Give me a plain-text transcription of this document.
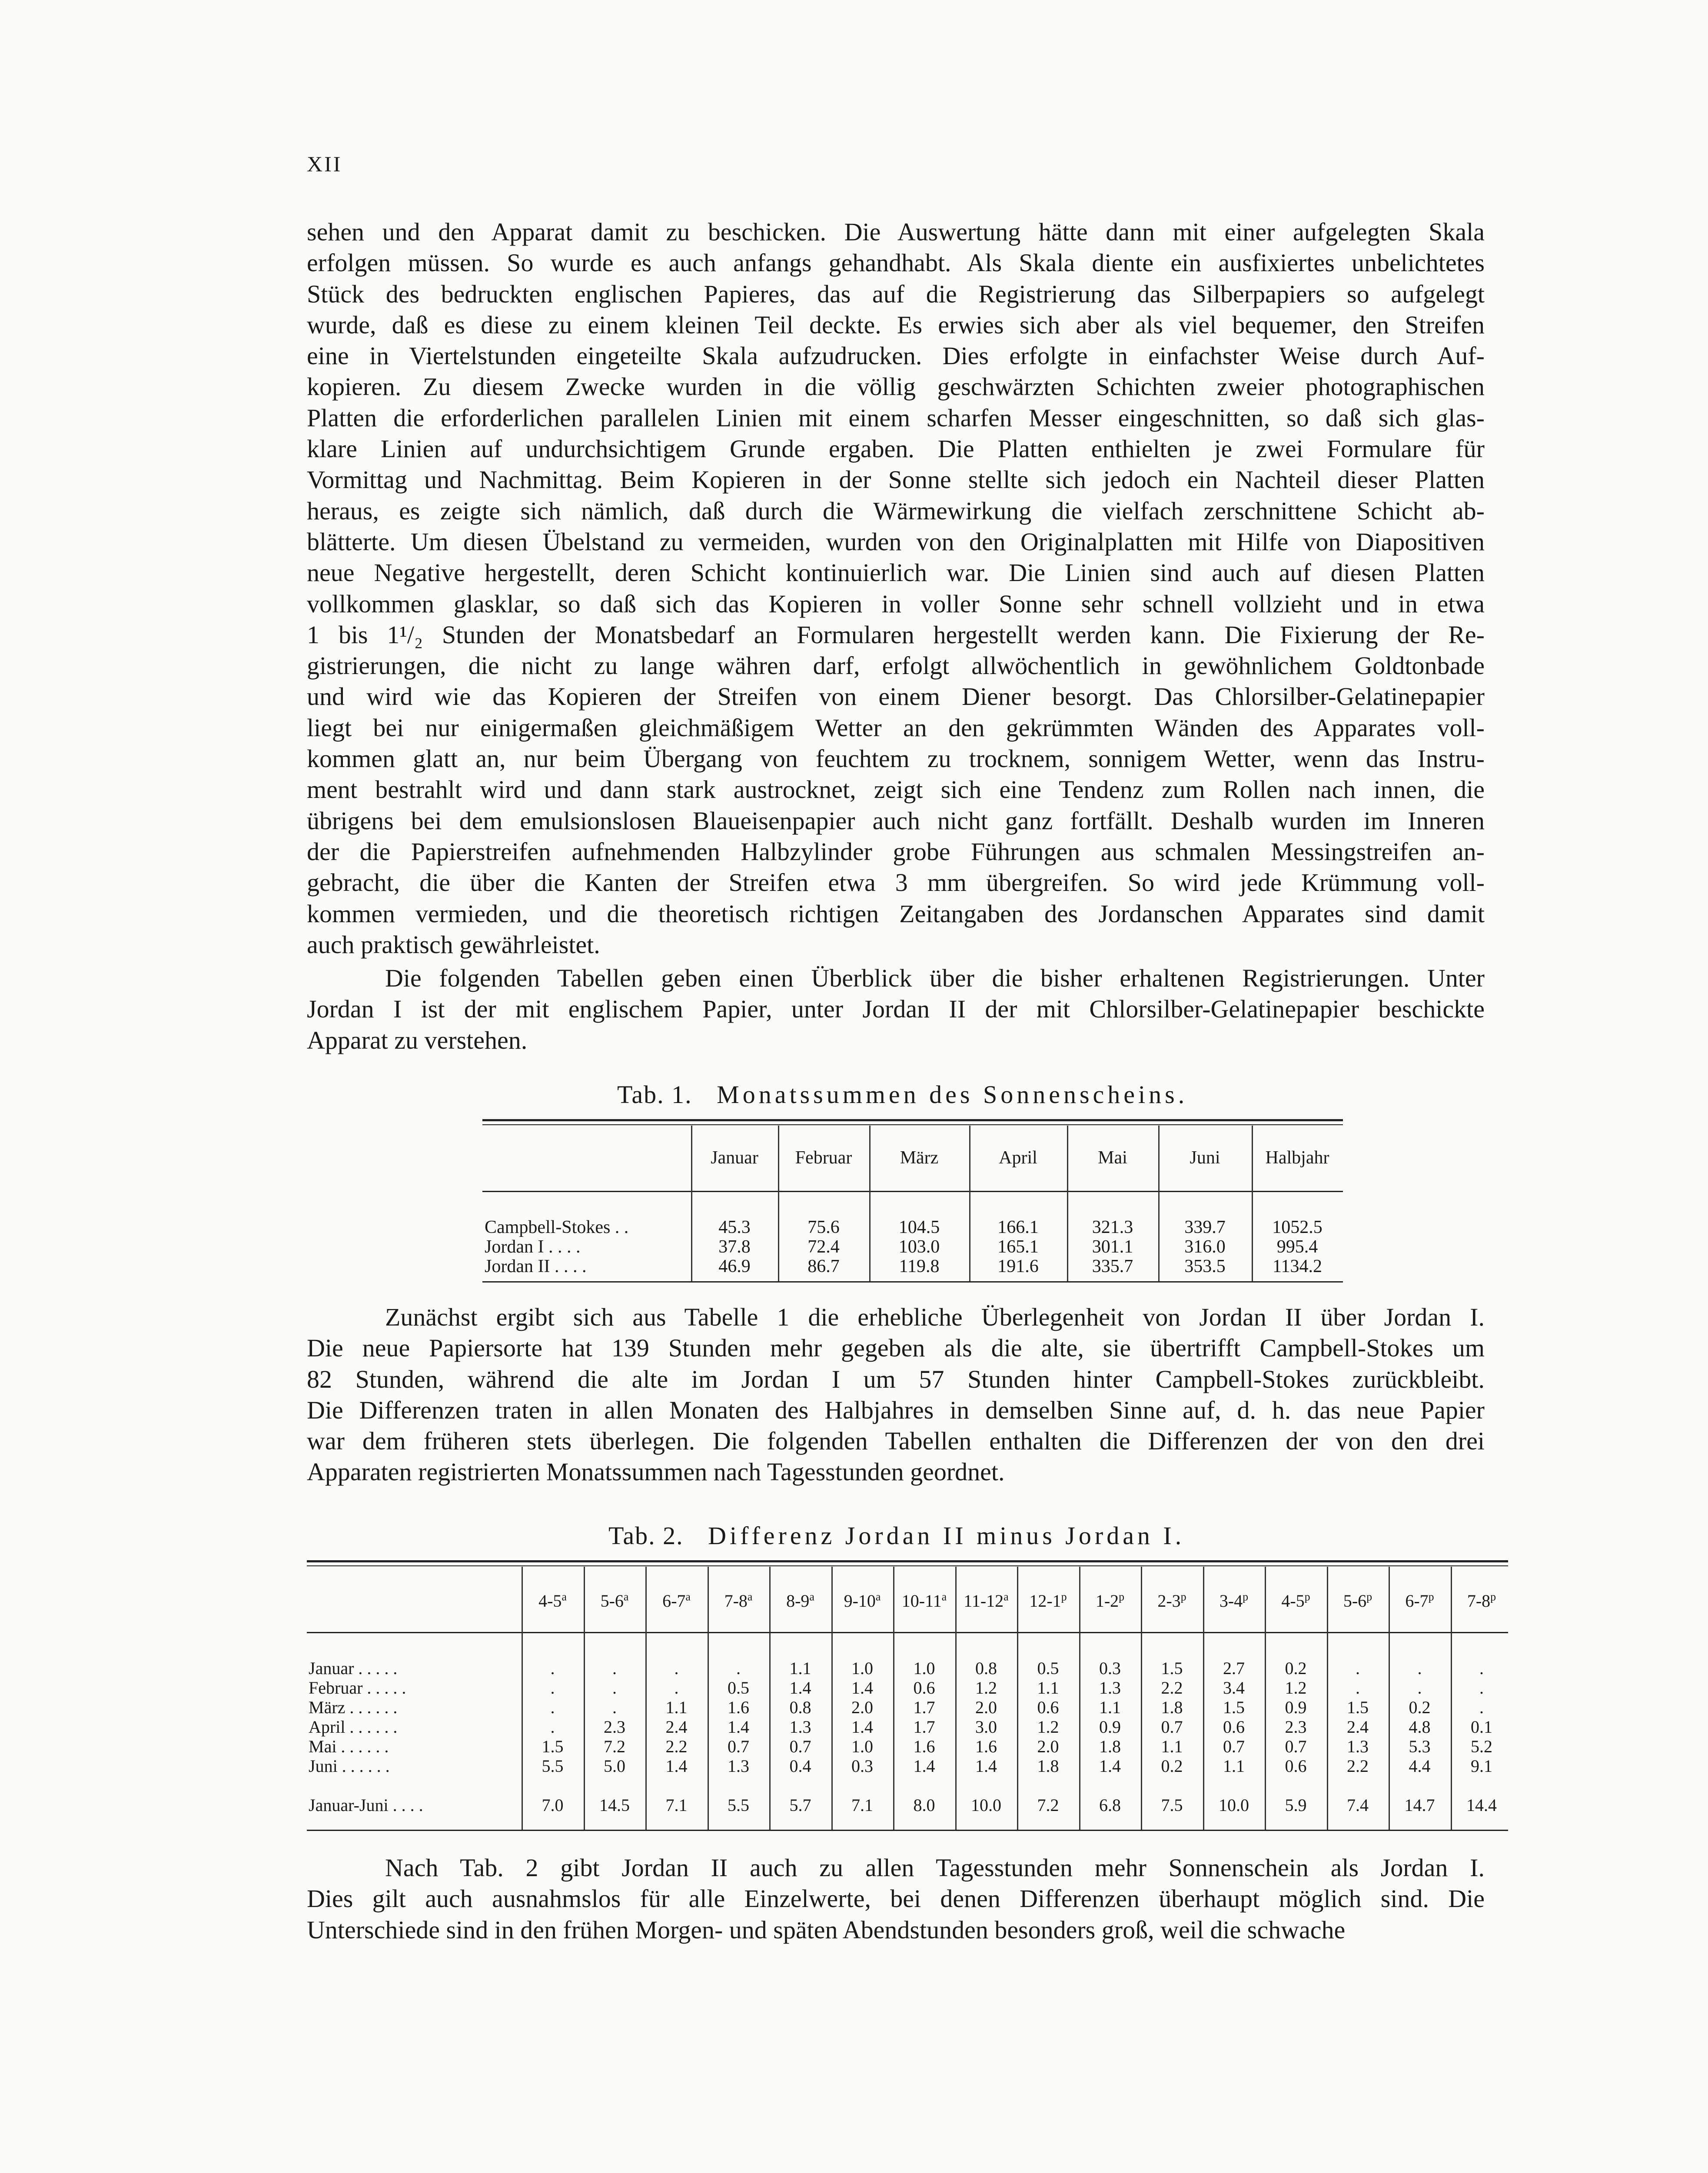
XII
sehen und den Apparat damit zu beschicken. Die Auswertung hätte dann mit einer aufgelegten Skala
erfolgen müssen. So wurde es auch anfangs gehandhabt. Als Skala diente ein ausfixiertes unbelichtetes
Stück des bedruckten englischen Papieres, das auf die Registrierung das Silberpapiers so aufgelegt
wurde, daß es diese zu einem kleinen Teil deckte. Es erwies sich aber als viel bequemer, den Streifen
eine in Viertelstunden eingeteilte Skala aufzudrucken. Dies erfolgte in einfachster Weise durch Auf-
kopieren. Zu diesem Zwecke wurden in die völlig geschwärzten Schichten zweier photographischen
Platten die erforderlichen parallelen Linien mit einem scharfen Messer eingeschnitten, so daß sich glas-
klare Linien auf undurchsichtigem Grunde ergaben. Die Platten enthielten je zwei Formulare für
Vormittag und Nachmittag. Beim Kopieren in der Sonne stellte sich jedoch ein Nachteil dieser Platten
heraus, es zeigte sich nämlich, daß durch die Wärmewirkung die vielfach zerschnittene Schicht ab-
blätterte. Um diesen Übelstand zu vermeiden, wurden von den Originalplatten mit Hilfe von Diapositiven
neue Negative hergestellt, deren Schicht kontinuierlich war. Die Linien sind auch auf diesen Platten
vollkommen glasklar, so daß sich das Kopieren in voller Sonne sehr schnell vollzieht und in etwa
1 bis 1¹/₂ Stunden der Monatsbedarf an Formularen hergestellt werden kann. Die Fixierung der Re-
gistrierungen, die nicht zu lange währen darf, erfolgt allwöchentlich in gewöhnlichem Goldtonbade
und wird wie das Kopieren der Streifen von einem Diener besorgt. Das Chlorsilber-Gelatinepapier
liegt bei nur einigermaßen gleichmäßigem Wetter an den gekrümmten Wänden des Apparates voll-
kommen glatt an, nur beim Übergang von feuchtem zu trocknem, sonnigem Wetter, wenn das Instru-
ment bestrahlt wird und dann stark austrocknet, zeigt sich eine Tendenz zum Rollen nach innen, die
übrigens bei dem emulsionslosen Blaueisenpapier auch nicht ganz fortfällt. Deshalb wurden im Inneren
der die Papierstreifen aufnehmenden Halbzylinder grobe Führungen aus schmalen Messingstreifen an-
gebracht, die über die Kanten der Streifen etwa 3 mm übergreifen. So wird jede Krümmung voll-
kommen vermieden, und die theoretisch richtigen Zeitangaben des Jordanschen Apparates sind damit
auch praktisch gewährleistet.
Die folgenden Tabellen geben einen Überblick über die bisher erhaltenen Registrierungen. Unter
Jordan I ist der mit englischem Papier, unter Jordan II der mit Chlorsilber-Gelatinepapier beschickte
Apparat zu verstehen.
Tab. 1. Monatssummen des Sonnenscheins.
Januar	Februar	März	April	Mai	Juni	Halbjahr
Campbell-Stokes . .	45.3	75.6	104.5	166.1	321.3	339.7	1052.5
Jordan I . . . .	37.8	72.4	103.0	165.1	301.1	316.0	995.4
Jordan II . . . .	46.9	86.7	119.8	191.6	335.7	353.5	1134.2
Zunächst ergibt sich aus Tabelle 1 die erhebliche Überlegenheit von Jordan II über Jordan I.
Die neue Papiersorte hat 139 Stunden mehr gegeben als die alte, sie übertrifft Campbell-Stokes um
82 Stunden, während die alte im Jordan I um 57 Stunden hinter Campbell-Stokes zurückbleibt.
Die Differenzen traten in allen Monaten des Halbjahres in demselben Sinne auf, d. h. das neue Papier
war dem früheren stets überlegen. Die folgenden Tabellen enthalten die Differenzen der von den drei
Apparaten registrierten Monatssummen nach Tagesstunden geordnet.
Tab. 2. Differenz Jordan II minus Jordan I.
4-5$^a$	5-6$^a$	6-7$^a$	7-8$^a$	8-9$^a$	9-10$^a$	10-11$^a$ 11-12$^a$	12-1$^p$	1-2$^p$	2-3$^p$	3-4$^p$	4-5$^p$	5-6$^p$	6-7$^p$	7-8$^p$
Januar . . . . .	.	.	.	.	1.1	1.0	1.0	0.8	0.5	0.3	1.5	2.7	0.2	.	.	.
Februar . . . . .	.	.	.	0.5	1.4	1.4	0.6	1.2	1.1	1.3	2.2	3.4	1.2	.	.	.
März . . . . . .	.	.	1.1	1.6	0.8	2.0	1.7	2.0	0.6	1.1	1.8	1.5	0.9	1.5	0.2	.
April . . . . . .	.	2.3	2.4	1.4	1.3	1.4	1.7	3.0	1.2	0.9	0.7	0.6	2.3	2.4	4.8	0.1
Mai . . . . . .	1.5	7.2	2.2	0.7	0.7	1.0	1.6	1.6	2.0	1.8	1.1	0.7	0.7	1.3	5.3	5.2
Juni . . . . . .	5.5	5.0	1.4	1.3	0.4	0.3	1.4	1.4	1.8	1.4	0.2	1.1	0.6	2.2	4.4	9.1
Januar-Juni . . . .	7.0	14.5	7.1	5.5	5.7	7.1	8.0	10.0	7.2	6.8	7.5	10.0	5.9	7.4	14.7	14.4
Nach Tab. 2 gibt Jordan II auch zu allen Tagesstunden mehr Sonnenschein als Jordan I.
Dies gilt auch ausnahmslos für alle Einzelwerte, bei denen Differenzen überhaupt möglich sind. Die
Unterschiede sind in den frühen Morgen- und späten Abendstunden besonders groß, weil die schwache
